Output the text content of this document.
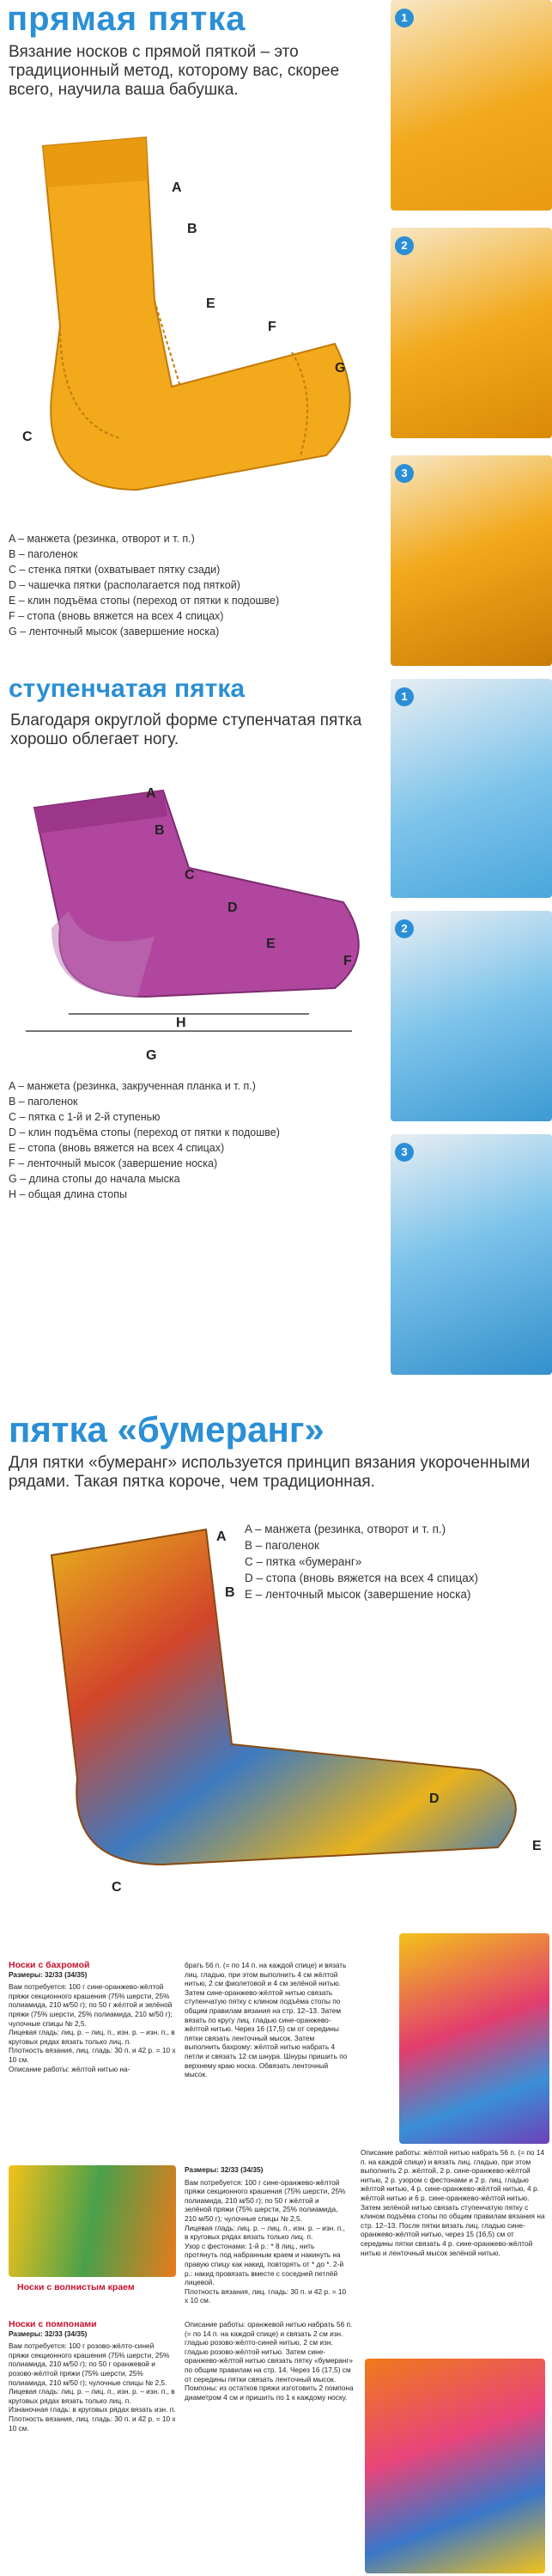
прямая пятка
Вязание носков с прямой пяткой – это традиционный метод, которому вас, скорее всего, научила ваша бабушка.
A
B
E
F
G
C
A – манжета (резинка, отворот и т. п.)
B – паголенок
C – стенка пятки (охватывает пятку сзади)
D – чашечка пятки (располагается под пяткой)
E – клин подъёма стопы (переход от пятки к подошве)
F – стопа (вновь вяжется на всех 4 спицах)
G – ленточный мысок (завершение носка)
1
2
3
ступенчатая пятка
Благодаря округлой форме ступенчатая пятка хорошо облегает ногу.
A
B
C
D
E
F
H
G
A – манжета (резинка, закрученная планка и т. п.)
B – паголенок
C – пятка с 1-й и 2-й ступенью
D – клин подъёма стопы (переход от пятки к подошве)
E – стопа (вновь вяжется на всех 4 спицах)
F – ленточный мысок (завершение носка)
G – длина стопы до начала мыска
H – общая длина стопы
1
2
3
пятка «бумеранг»
Для пятки «бумеранг» используется принцип вязания укороченными рядами. Такая пятка короче, чем традиционная.
A – манжета (резинка, отворот и т. п.)
B – паголенок
C – пятка «бумеранг»
D – стопа (вновь вяжется на всех 4 спицах)
E – ленточный мысок (завершение носка)
A
B
C
D
E
Носки с бахромой
Размеры: 32/33 (34/35)
Вам потребуется: 100 г сине-оранжево-жёлтой пряжи секционного крашения (75% шерсти, 25% полиамида, 210 м/50 г); по 50 г жёлтой и зелёной пряжи (75% шерсти, 25% полиамида, 210 м/50 г); чулочные спицы № 2,5.
Лицевая гладь: лиц. р. – лиц. п., изн. р. – изн. п., в круговых рядах вязать только лиц. п.
Плотность вязания, лиц. гладь: 30 п. и 42 р. = 10 х 10 см.
Описание работы: жёлтой нитью на-
брать 56 п. (= по 14 п. на каждой спице) и вязать лиц. гладью, при этом выполнить 4 см жёлтой нитью, 2 см фиолетовой и 4 см зелёной нитью. Затем сине-оранжево-жёлтой нитью связать ступенчатую пятку с клином подъёма стопы по общим правилам вязания на стр. 12–13. Затем вязать по кругу лиц. гладью сине-оранжево-жёлтой нитью. Через 16 (17,5) см от середины пятки связать ленточный мысок. Затем выполнить бахрому: жёлтой нитью набрать 4 петли и связать 12 см шнура. Шнуры пришить по верхнему краю носка. Обвязать ленточный мысок.
Размеры: 32/33 (34/35)
Вам потребуется: 100 г сине-оранжево-жёлтой пряжи секционного крашения (75% шерсти, 25% полиамида, 210 м/50 г); по 50 г жёлтой и зелёной пряжи (75% шерсти, 25% полиамида, 210 м/50 г); чулочные спицы № 2,5.
Лицевая гладь: лиц. р. – лиц. п., изн. р. – изн. п., в круговых рядах вязать только лиц. п.
Узор с фестонами: 1-й р.: * 8 лиц., нить протянуть под набранным краем и накинуть на правую спицу как накид, повторять от * до *. 2-й р.: накид провязать вместе с соседней петлёй лицевой.
Плотность вязания, лиц. гладь: 30 п. и 42 р. = 10 х 10 см.
Описание работы: жёлтой нитью набрать 56 п. (= по 14 п. на каждой спице) и вязать лиц. гладью, при этом выполнить 2 р. жёлтой, 2 р. сине-оранжево-жёлтой нитью, 2 р. узором с фестонами и 2 р. лиц. гладью жёлтой нитью, 4 р. сине-оранжево-жёлтой нитью, 4 р. жёлтой нитью и 6 р. сине-оранжево-жёлтой нитью. Затем зелёной нитью связать ступенчатую пятку с клином подъёма стопы по общим правилам вязания на стр. 12–13. После пятки вязать лиц. гладью сине-оранжево-жёлтой нитью, через 15 (16,5) см от середины пятки связать 4 р. сине-оранжево-жёлтой нитью и ленточный мысок зелёной нитью.
Носки с волнистым краем
Носки с помпонами
Размеры: 32/33 (34/35)
Вам потребуется: 100 г розово-жёлто-синей пряжи секционного крашения (75% шерсти, 25% полиамида, 210 м/50 г); по 50 г оранжевой и розово-жёлтой пряжи (75% шерсти, 25% полиамида, 210 м/50 г); чулочные спицы № 2,5.
Лицевая гладь: лиц. р. – лиц. п., изн. р. – изн. п., в круговых рядах вязать только лиц. п.
Изнаночная гладь: в круговых рядах вязать изн. п.
Плотность вязания, лиц. гладь: 30 п. и 42 р. = 10 х 10 см.
Описание работы: оранжевой нитью набрать 56 п. (= по 14 п. на каждой спице) и связать 2 см изн. гладью розово-жёлто-синей нитью, 2 см изн. гладью розово-жёлтой нитью. Затем сине-оранжево-жёлтой нитью связать пятку «бумеранг» по общим правилам на стр. 14. Через 16 (17,5) см от середины пятки связать ленточный мысок. Помпоны: из остатков пряжи изготовить 2 помпона диаметром 4 см и пришить по 1 к каждому носку.
